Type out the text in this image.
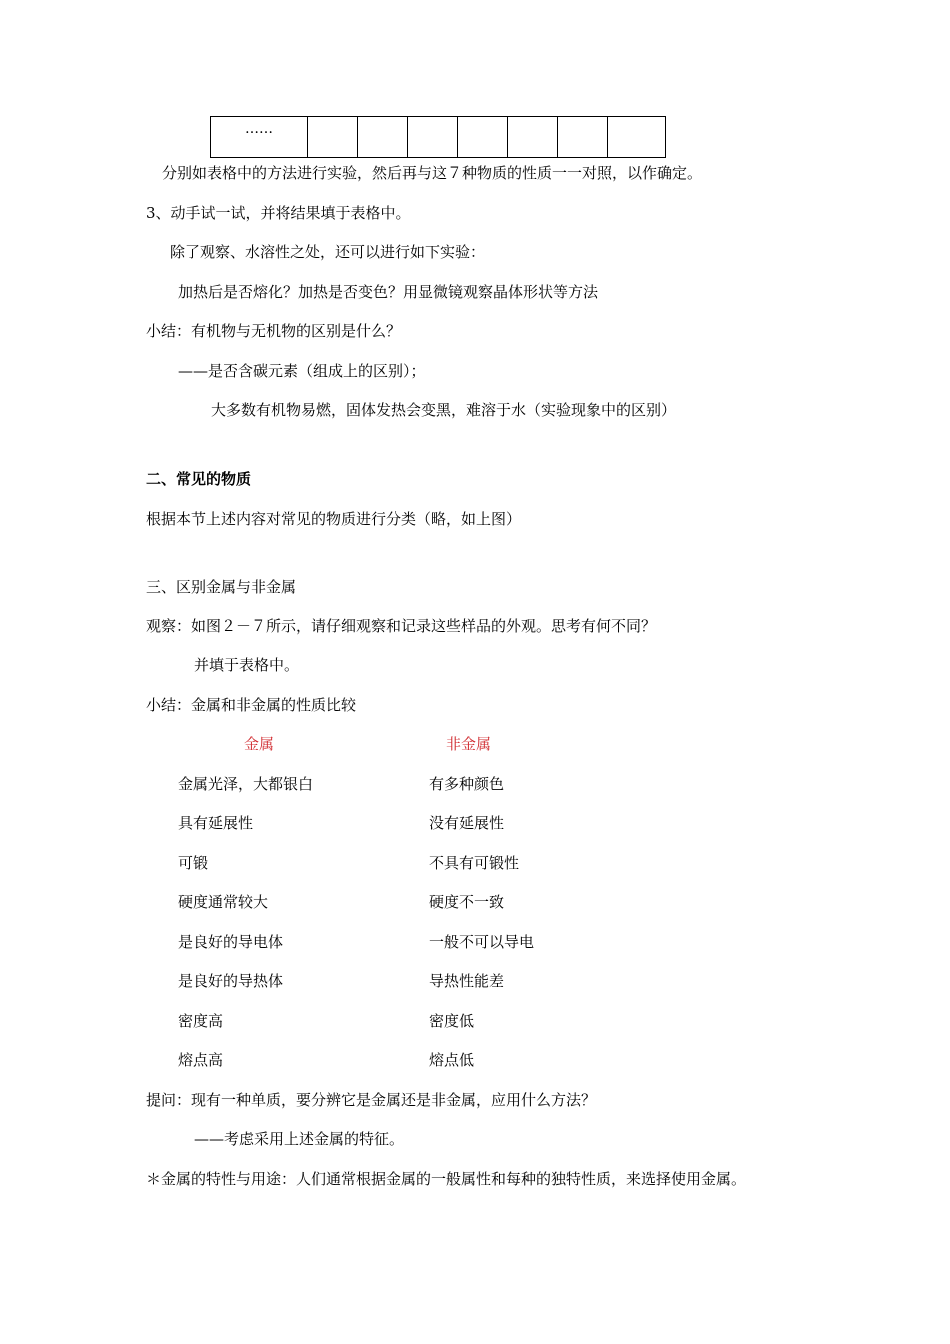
……							
分别如表格中的方法进行实验，然后再与这７种物质的性质一一对照，以作确定。
3、动手试一试，并将结果填于表格中。
除了观察、水溶性之处，还可以进行如下实验：
加热后是否熔化？加热是否变色？用显微镜观察晶体形状等方法
小结：有机物与无机物的区别是什么？
——是否含碳元素（组成上的区别）；
大多数有机物易燃，固体发热会变黑，难溶于水（实验现象中的区别）
二、常见的物质
根据本节上述内容对常见的物质进行分类（略，如上图）
三、区别金属与非金属
观察：如图２－７所示，请仔细观察和记录这些样品的外观。思考有何不同？
并填于表格中。
小结：金属和非金属的性质比较
金属	非金属
金属光泽，大都银白	有多种颜色
具有延展性	没有延展性
可锻	不具有可锻性
硬度通常较大	硬度不一致
是良好的导电体	一般不可以导电
是良好的导热体	导热性能差
密度高	密度低
熔点高	熔点低
提问：现有一种单质，要分辨它是金属还是非金属，应用什么方法？
——考虑采用上述金属的特征。
＊金属的特性与用途：人们通常根据金属的一般属性和每种的独特性质，来选择使用金属。
